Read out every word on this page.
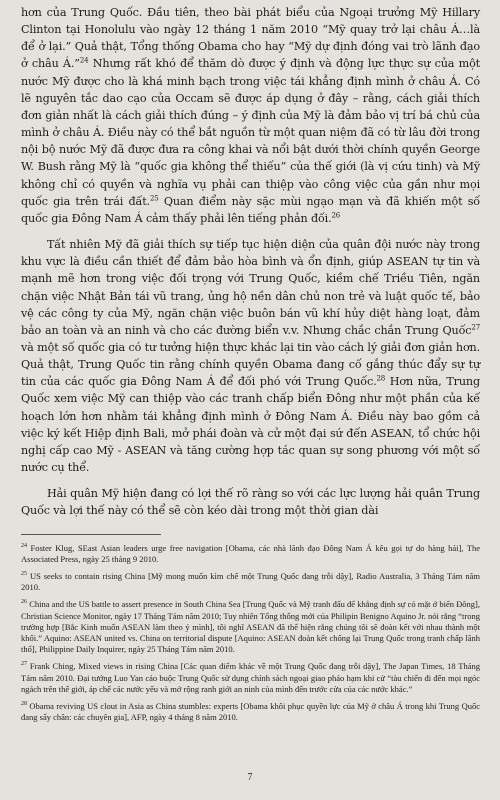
hơn của Trung Quốc. Đầu tiên, theo bài phát biểu của Ngoại trưởng Mỹ Hillary Clinton tại Honolulu vào ngày 12 tháng 1 năm 2010 “Mỹ quay trở lại châu Á…là để ở lại.” Quả thật, Tổng thống Obama cho hay “Mỹ dự định đóng vai trò lãnh đạo ở châu Á.”$^{24}$ Nhưng rất khó để thăm dò được ý định và động lực thực sự của một nước Mỹ được cho là khá minh bạch trong việc tái khẳng định mình ở châu Á. Có lẽ nguyên tắc dao cạo của Occam sẽ được áp dụng ở đây – rằng, cách giải thích đơn giản nhất là cách giải thích đúng – ý định của Mỹ là đảm bảo vị trí bá chủ của mình ở châu Á. Điều này có thể bắt nguồn từ một quan niệm đã có từ lâu đời trong nội bộ nước Mỹ đã được đưa ra công khai và nổi bật dưới thời chính quyền George W. Bush rằng Mỹ là “quốc gia không thể thiếu” của thế giới (là vị cứu tinh) và Mỹ không chỉ có quyền và nghĩa vụ phải can thiệp vào công việc của gần như mọi quốc gia trên trái đất.$^{25}$ Quan điểm này sặc mùi ngạo mạn và đã khiến một số quốc gia Đông Nam Á cảm thấy phải lên tiếng phản đối.$^{26}$

Tất nhiên Mỹ đã giải thích sự tiếp tục hiện diện của quân đội nước này trong khu vực là điều cần thiết để đảm bảo hòa bình và ổn định, giúp ASEAN tự tin và mạnh mẽ hơn trong việc đối trọng với Trung Quốc, kiềm chế Triều Tiên, ngăn chặn việc Nhật Bản tái vũ trang, ủng hộ nền dân chủ non trẻ và luật quốc tế, bảo vệ các công ty của Mỹ, ngăn chặn việc buôn bán vũ khí hủy diệt hàng loạt, đảm bảo an toàn và an ninh và cho các đường biển v.v. Nhưng chắc chắn Trung Quốc$^{27}$ và một số quốc gia có tư tưởng hiện thực khác lại tin vào cách lý giải đơn giản hơn. Quả thật, Trung Quốc tin rằng chính quyền Obama đang cố gắng thúc đẩy sự tự tin của các quốc gia Đông Nam Á để đối phó với Trung Quốc.$^{28}$ Hơn nữa, Trung Quốc xem việc Mỹ can thiệp vào các tranh chấp biển Đông như một phần của kế hoạch lớn hơn nhằm tái khẳng định mình ở Đông Nam Á. Điều này bao gồm cả việc ký kết Hiệp định Bali, mở phái đoàn và cử một đại sứ đến ASEAN, tổ chức hội nghị cấp cao Mỹ - ASEAN và tăng cường hợp tác quan sự song phương với một số nước cụ thể.

Hải quân Mỹ hiện đang có lợi thế rõ ràng so với các lực lượng hải quân Trung Quốc và lợi thế này có thể sẽ còn kéo dài trong một thời gian dài

$^{24}$ Foster Klug, SEast Asian leaders urge free navigation [Obama, các nhà lãnh đạo Đông Nam Á kêu gọi tự do hàng hải], The Associated Press, ngày 25 tháng 9 2010.

$^{25}$ US seeks to contain rising China [Mỹ mong muốn kìm chế một Trung Quốc đang trỗi dậy], Radio Australia, 3 Tháng Tám năm 2010.

$^{26}$ China and the US battle to assert presence in South China Sea [Trung Quốc và Mỹ tranh đấu để khẳng định sự có mặt ở biển Đông], Christian Science Monitor, ngày 17 Tháng Tám năm 2010; Tuy nhiên Tổng thống mới của Philipin Benigno Aquino Jr. nói rằng “trong trường hợp [Bắc Kinh muốn ASEAN làm theo ý mình], tôi nghĩ ASEAN đã thể hiện rằng chúng tôi sẽ đoàn kết với nhau thành một khối.” Aquino: ASEAN united vs. China on territorial dispute [Aquino: ASEAN đoàn kết chống lại Trung Quốc trong tranh chấp lãnh thổ], Philippine Daily Inquirer, ngày 25 Tháng Tám năm 2010.

$^{27}$ Frank Ching, Mixed views in rising China [Các quan điểm khác về một Trung Quốc đang trỗi dậy], The Japan Times, 18 Tháng Tám năm 2010. Đại tướng Luo Yan cáo buộc Trung Quốc sử dụng chính sách ngoại giao pháo hạm khi cử “tàu chiến đi đến mọi ngóc ngách trên thế giới, áp chế các nước yếu và mở rộng ranh giới an ninh của mình đến trước cửa của các nước khác.”

$^{28}$ Obama reviving US clout in Asia as China stumbles: experts [Obama khôi phục quyền lực của Mỹ ở châu Á trong khi Trung Quốc đang sẩy chân: các chuyên gia], AFP, ngày 4 tháng 8 năm 2010.

7
